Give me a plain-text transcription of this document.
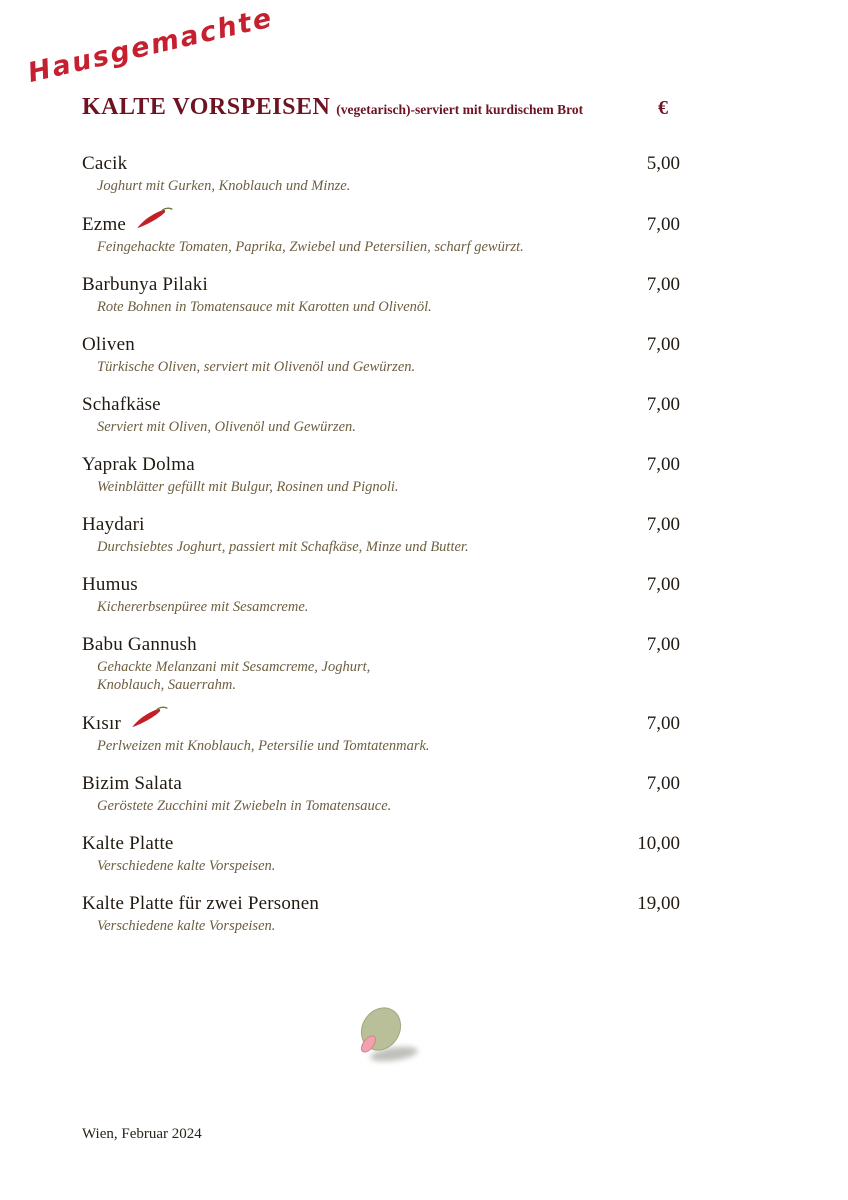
Hausgemachte
KALTE VORSPEISEN (vegetarisch)-serviert mit kurdischem Brot	€
Cacik	5,00
Joghurt mit Gurken, Knoblauch und Minze.
Ezme	7,00
Feingehackte Tomaten, Paprika, Zwiebel und Petersilien, scharf gewürzt.
Barbunya Pilaki	7,00
Rote Bohnen in Tomatensauce mit Karotten und Olivenöl.
Oliven	7,00
Türkische Oliven, serviert mit Olivenöl und Gewürzen.
Schafkäse	7,00
Serviert mit Oliven, Olivenöl und Gewürzen.
Yaprak Dolma	7,00
Weinblätter gefüllt mit Bulgur, Rosinen und Pignoli.
Haydari	7,00
Durchsiebtes Joghurt, passiert mit Schafkäse, Minze und Butter.
Humus	7,00
Kichererbsenpüree mit Sesamcreme.
Babu Gannush	7,00
Gehackte Melanzani mit Sesamcreme, Joghurt,
Knoblauch, Sauerrahm.
Kısır	7,00
Perlweizen mit Knoblauch, Petersilie und Tomtatenmark.
Bizim Salata	7,00
Geröstete Zucchini mit Zwiebeln in Tomatensauce.
Kalte Platte	10,00
Verschiedene kalte Vorspeisen.
Kalte Platte für zwei Personen	19,00
Verschiedene kalte Vorspeisen.
Wien, Februar 2024
